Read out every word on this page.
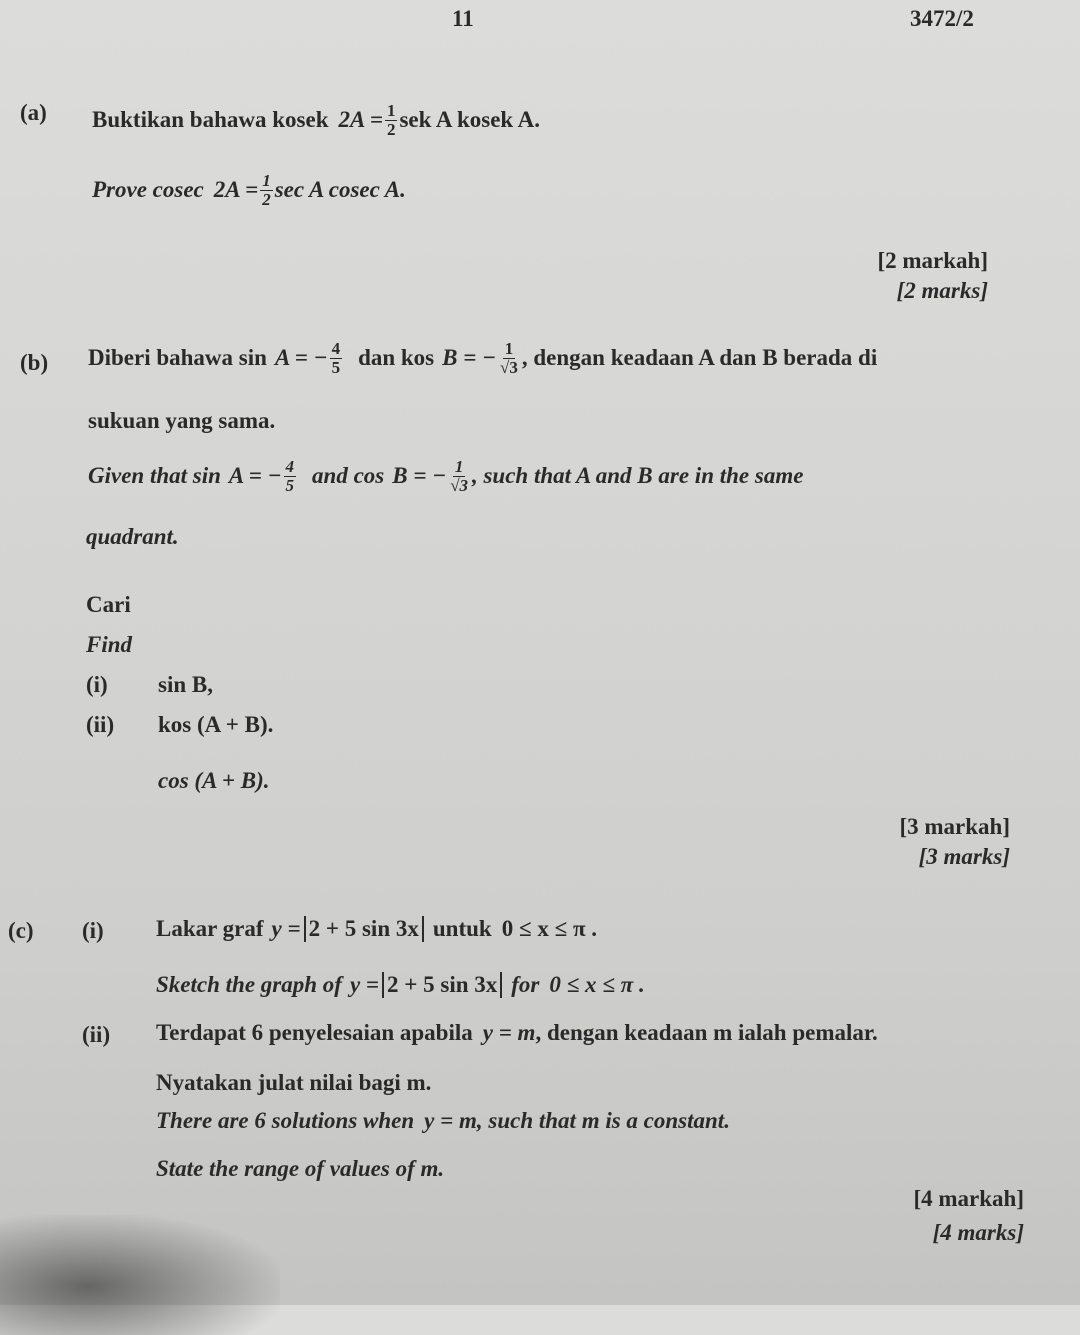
11	3472/2
(a) Buktikan bahawa kosek $2A = \frac{1}{2}$ sek A kosek A.
Prove cosec $2A = \frac{1}{2}$ sec A cosec A.
[2 markah]
[2 marks]
(b) Diberi bahawa sin A = − $\frac{4}{5}$ dan kos B = − $\frac{1}{√3}$ , dengan keadaan A dan B berada di
sukuan yang sama.
Given that sin A = − $\frac{4}{5}$ and cos B = − $\frac{1}{√3}$ , such that A and B are in the same
quadrant.
Cari
Find
(i) sin B,
(ii) kos (A + B).
cos (A + B).
[3 markah]
[3 marks]
(c) (i) Lakar graf y = 2 + 5 sin 3x untuk 0 ≤ x ≤ π .
Sketch the graph of y = 2 + 5 sin 3x for 0 ≤ x ≤ π .
(ii) Terdapat 6 penyelesaian apabila y = m , dengan keadaan m ialah pemalar.
Nyatakan julat nilai bagi m.
There are 6 solutions when y = m , such that m is a constant.
State the range of values of m.
[4 markah]
[4 marks]
